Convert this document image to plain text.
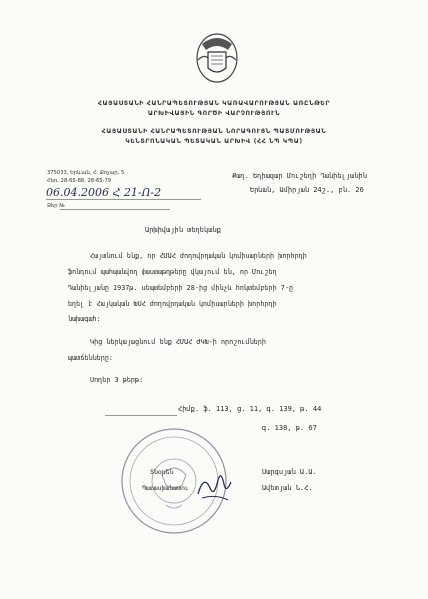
ՀԱՅԱՍՏԱՆԻ ՀԱՆՐԱՊԵՏՈՒԹՅԱՆ ԿԱՌԱՎԱՐՈՒԹՅԱՆ ԱՌԸՆԹԵՐ
ԱՐԽԻՎԱՅԻՆ ԳՈՐԾԻ ՎԱՐՉՈՒԹՅՈՒՆ
ՀԱՅԱՍՏԱՆԻ ՀԱՆՐԱՊԵՏՈՒԹՅԱՆ ՆՈՐԱԳՈՒՅՆ ՊԱՏՄՈՒԹՅԱՆ
ԿԵՆՏՐՈՆԱԿԱՆ ՊԵՏԱԿԱՆ ԱՐԽԻՎ (ՀՀ ՆՊ ԿՊԱ)
375033, Երևան, Հ. Քոչար, 5
Հեռ. 28-65-88, 28-65-79
06.04.2006 Հ 21-Ո-2
Ձեր №
Քաղ. Եղիազար Մուշեղի Դանիելյանին
Երևան, Ամիրյան 24շ., բն. 26
Արխիվային տեղեկանք
Հայտնում ենք, որ ՀՄԱՀ ժողովրդական կոմիսարների խորհրդի
ֆոնդում պահպանվող փաստաթղթերը վկայում են, որ Մուշեղ
Դանիելյանը 1937թ. սեպտեմբերի 28-ից մինչև հոկտեմբերի 7-ը
եղել է Հայկական ԽՍՀ ժողովրդական կոմիսարների խորհրդի
նախագահ:
Կից ներկայացնում ենք ՀՄԱՀ ԺԿԽ-ի որոշումների
պատճենները:
Սողեր 3 թերթ:
Հիմք. ֆ. 113, ց. 11, գ. 139, թ. 44
գ. 138, թ. 67
Տնօրեն
Պատասխանատու
Սարգսյան Ա.Ա.
Ավետյան Ն.Հ.
